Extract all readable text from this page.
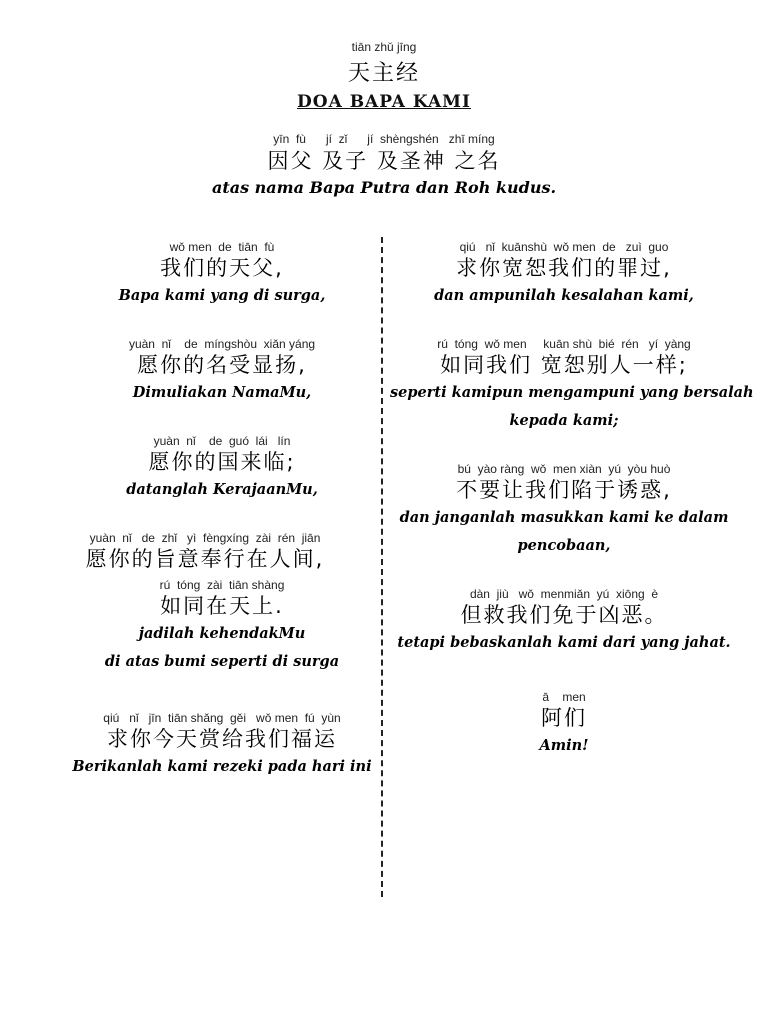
tiān zhǔ jīng
天主经
DOA BAPA KAMI
yīn  fù      jí  zǐ      jí  shèngshén   zhī míng
因父 及子 及圣神 之名
atas nama Bapa Putra dan Roh kudus.
wǒ men  de  tiān  fù
我们的天父,
Bapa kami yang di surga,
yuàn  nǐ    de  míngshòu  xiǎn yáng
愿你的名受显扬,
Dimuliakan NamaMu,
yuàn  nǐ    de  guó  lái   lín
愿你的国来临;
datanglah KerajaanMu,
yuàn  nǐ   de  zhǐ   yì  fèngxíng  zài  rén  jiān
愿你的旨意奉行在人间,
rú  tóng  zài  tiān shàng
如同在天上.
jadilah kehendakMu
di atas bumi seperti di surga
qiú   nǐ   jīn  tiān shǎng  gěi   wǒ men  fú  yùn
求你今天赏给我们福运
Berikanlah kami rezeki pada hari ini
qiú   nǐ  kuānshù  wǒ men  de   zuì  guo
求你宽恕我们的罪过,
dan ampunilah kesalahan kami,
rú  tóng  wǒ men     kuān shù  bié  rén   yí  yàng
如同我们 宽恕别人一样;
seperti kamipun mengampuni yang bersalah
kepada kami;
bú  yào ràng  wǒ  men xiàn  yú  yòu huò
不要让我们陷于诱惑,
dan janganlah masukkan kami ke dalam
pencobaan,
dàn  jiù   wǒ  menmiǎn  yú  xiōng  è
但救我们免于凶恶。
tetapi bebaskanlah kami dari yang jahat.
ā    men
阿们
Amin!
